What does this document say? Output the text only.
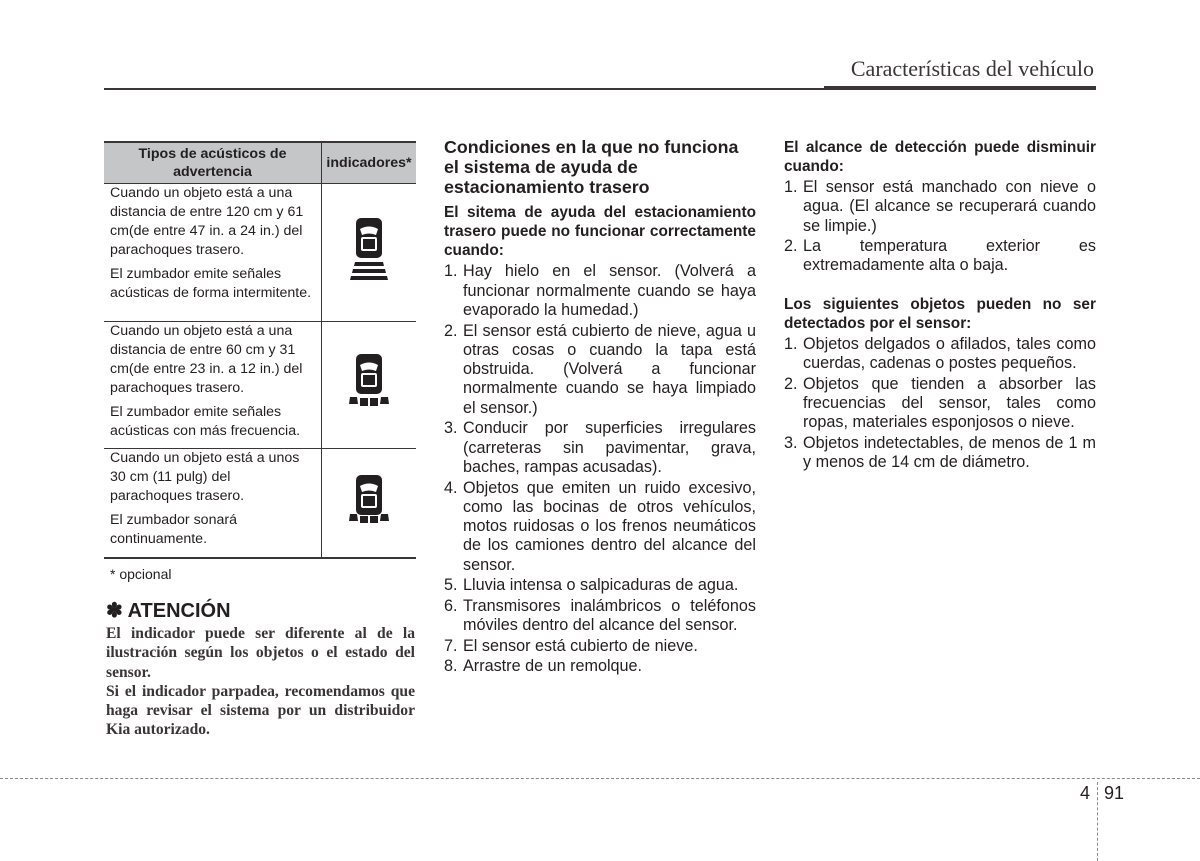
Características del vehículo
Tipos de acústicos de advertencia	indicadores*

Cuando un objeto está a una distancia de entre 120 cm y 61 cm(de entre 47 in. a 24 in.) del parachoques trasero.

El zumbador emite señales acústicas de forma intermitente.

Cuando un objeto está a una distancia de entre 60 cm y 31 cm(de entre 23 in. a 12 in.) del parachoques trasero.

El zumbador emite señales acústicas con más frecuencia.

Cuando un objeto está a unos 30 cm (11 pulg) del parachoques trasero.

El zumbador sonará continuamente.

* opcional
✽ ATENCIÓN

El indicador puede ser diferente al de la ilustración según los objetos o el estado del sensor.

Si el indicador parpadea, recomendamos que haga revisar el sistema por un distribuidor Kia autorizado.

Condiciones en la que no funciona el sistema de ayuda de estacionamiento trasero
El sitema de ayuda del estacionamiento trasero puede no funcionar correctamente cuando:
1. Hay hielo en el sensor. (Volverá a funcionar normalmente cuando se haya evaporado la humedad.)
2. El sensor está cubierto de nieve, agua u otras cosas o cuando la tapa está obstruida. (Volverá a funcionar normalmente cuando se haya limpiado el sensor.)
3. Conducir por superficies irregulares (carreteras sin pavimentar, grava, baches, rampas acusadas).
4. Objetos que emiten un ruido excesivo, como las bocinas de otros vehículos, motos ruidosas o los frenos neumáticos de los camiones dentro del alcance del sensor.
5. Lluvia intensa o salpicaduras de agua.
6. Transmisores inalámbricos o teléfonos móviles dentro del alcance del sensor.
7. El sensor está cubierto de nieve.
8. Arrastre de un remolque.
El alcance de detección puede disminuir cuando:
1. El sensor está manchado con nieve o agua. (El alcance se recuperará cuando se limpie.)
2. La temperatura exterior es extremadamente alta o baja.
Los siguientes objetos pueden no ser detectados por el sensor:
1. Objetos delgados o afilados, tales como cuerdas, cadenas o postes pequeños.
2. Objetos que tienden a absorber las frecuencias del sensor, tales como ropas, materiales esponjosos o nieve.
3. Objetos indetectables, de menos de 1 m y menos de 14 cm de diámetro.
4 91
